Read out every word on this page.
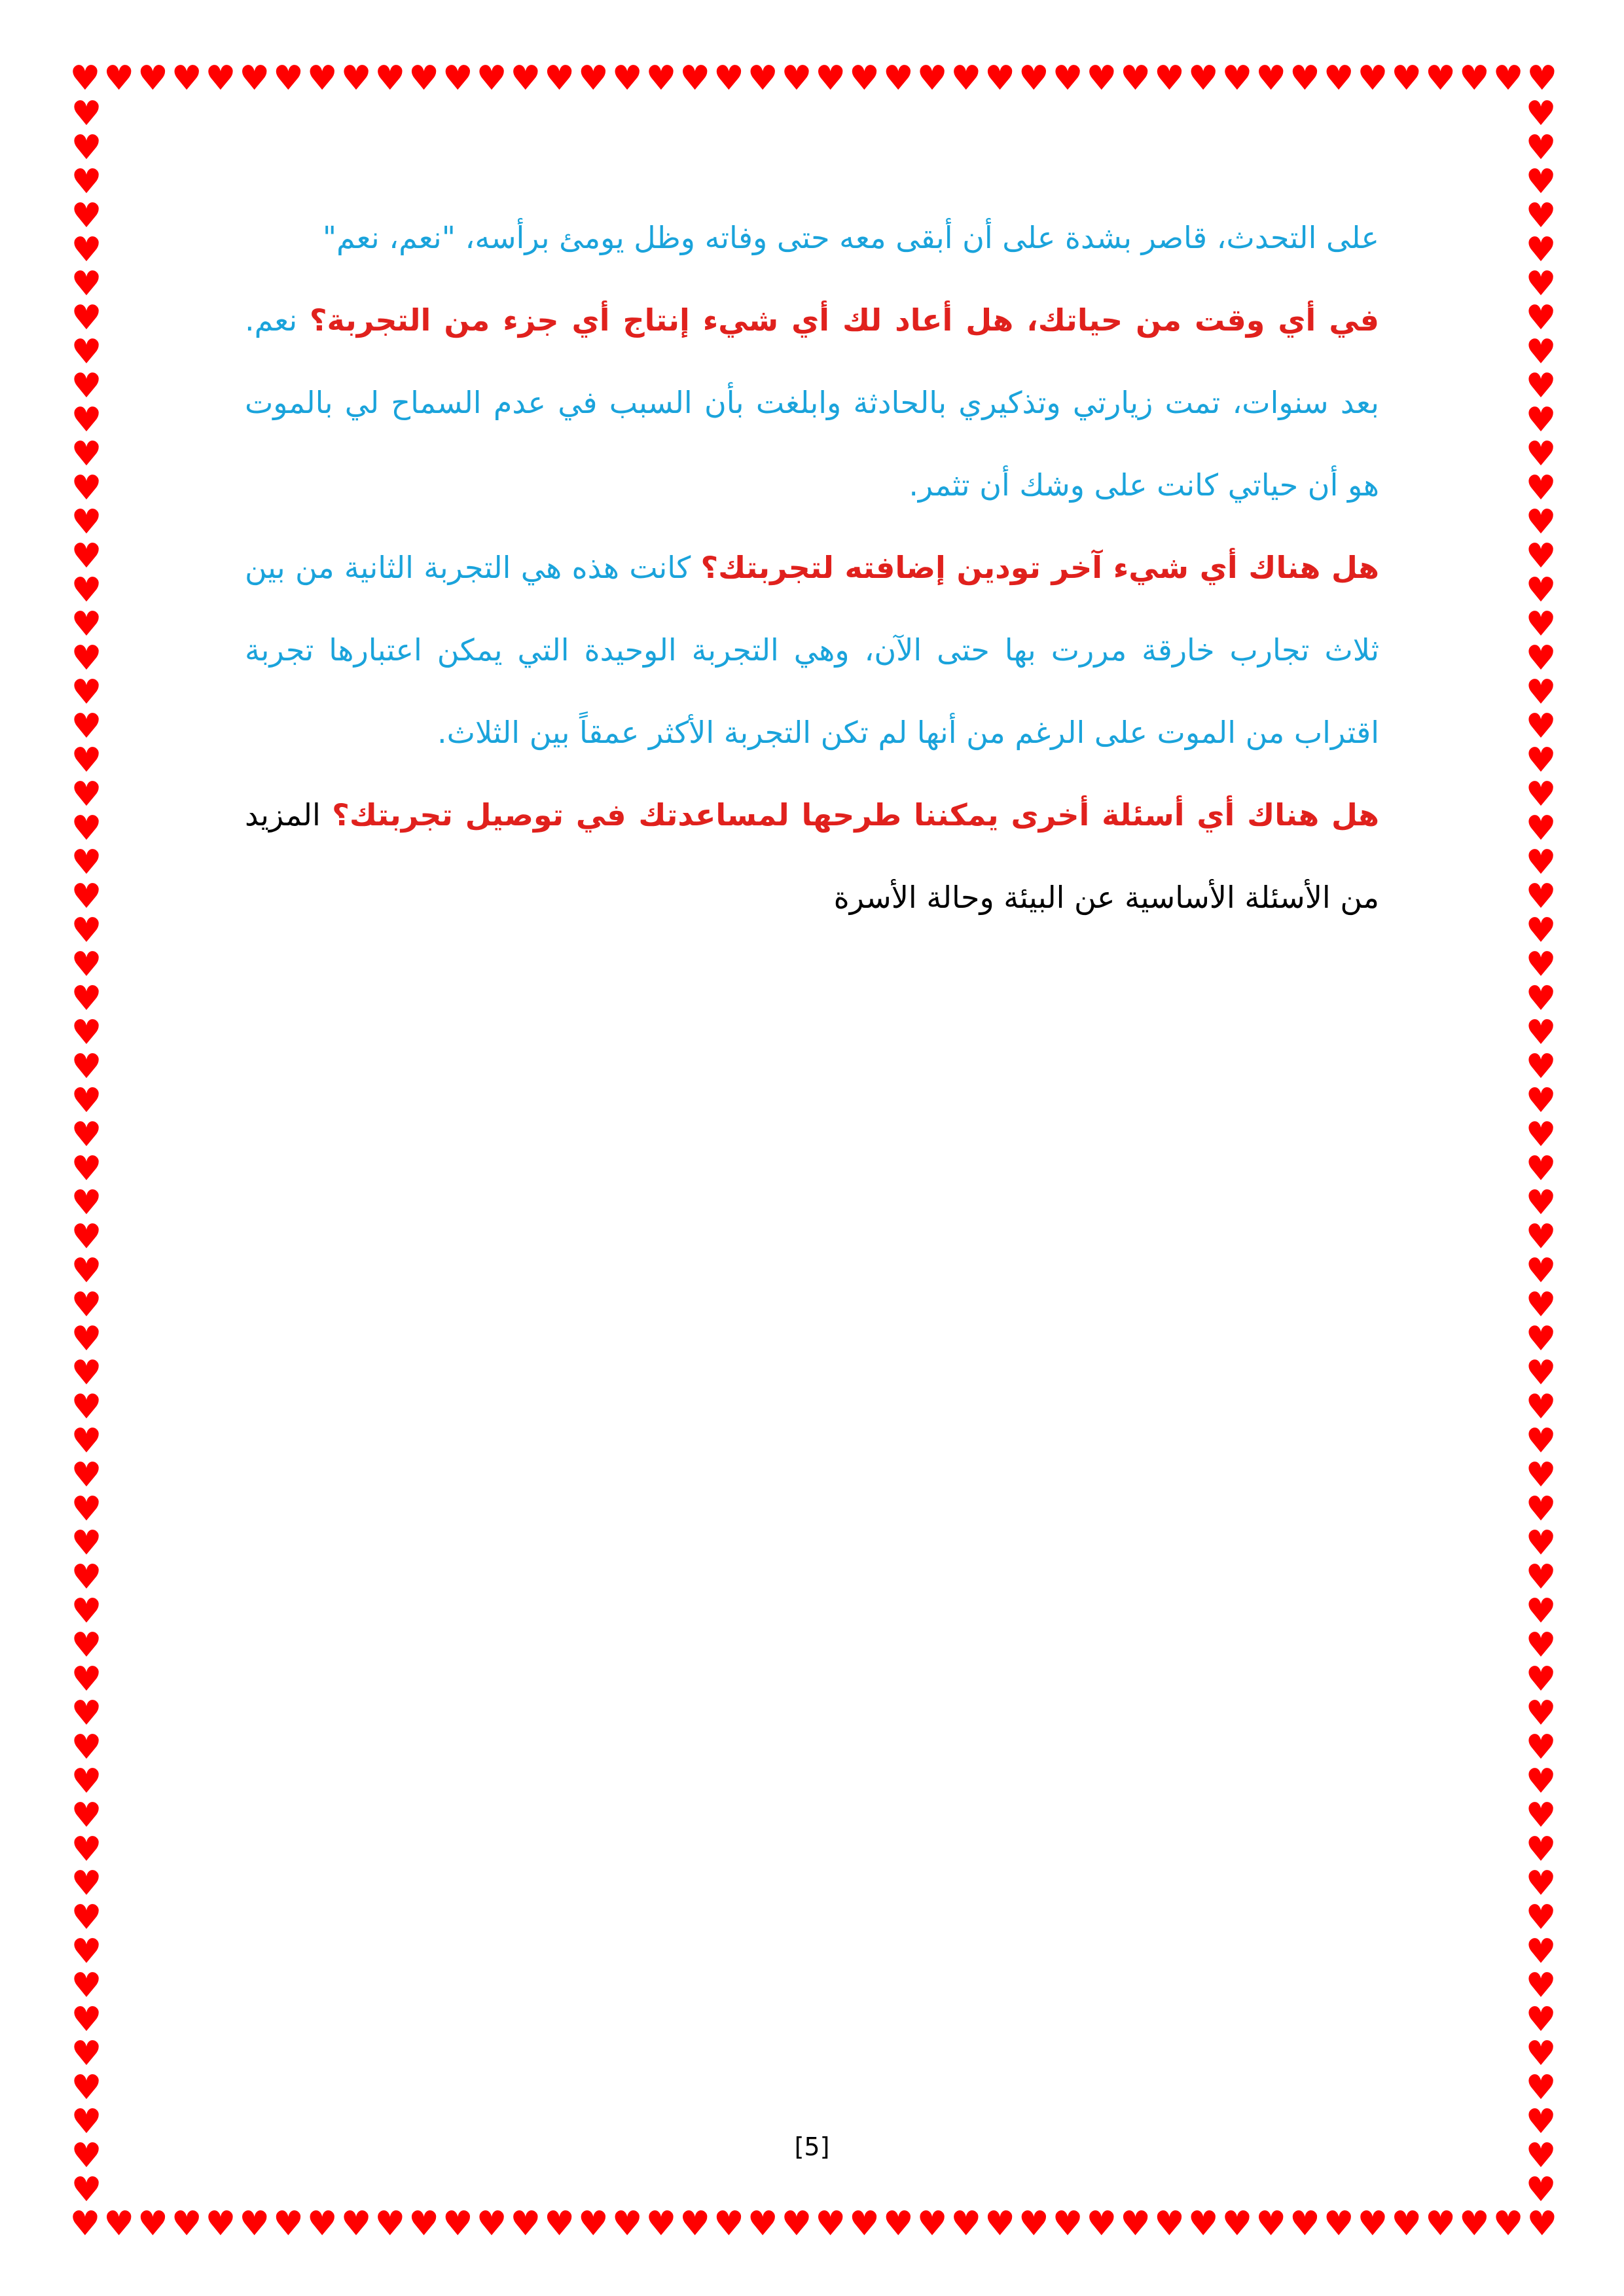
♥ ♥ ♥ ♥ ♥ ♥ ♥ ♥ ♥ ♥ ♥ ♥ ♥ ♥ ♥ ♥ ♥ ♥ ♥ ♥ ♥ ♥ ♥ ♥ ♥ ♥ ♥ ♥ ♥ ♥ ♥ ♥ ♥ ♥ ♥ ♥ ♥ ♥ ♥ ♥ ♥ ♥ ♥ ♥
♥ ♥ ♥ ♥ ♥ ♥ ♥ ♥ ♥ ♥ ♥ ♥ ♥ ♥ ♥ ♥ ♥ ♥ ♥ ♥ ♥ ♥ ♥ ♥ ♥ ♥ ♥ ♥ ♥ ♥ ♥ ♥ ♥ ♥ ♥ ♥ ♥ ♥ ♥ ♥ ♥ ♥ ♥ ♥
♥
♥
♥
♥
♥
♥
♥
♥
♥
♥
♥
♥
♥
♥
♥
♥
♥
♥
♥
♥
♥
♥
♥
♥
♥
♥
♥
♥
♥
♥
♥
♥
♥
♥
♥
♥
♥
♥
♥
♥
♥
♥
♥
♥
♥
♥
♥
♥
♥
♥
♥
♥
♥
♥
♥
♥
♥
♥
♥
♥
♥
♥
♥
♥
♥
♥
♥
♥
♥
♥
♥
♥
♥
♥
♥
♥
♥
♥
♥
♥
♥
♥
♥
♥
♥
♥
♥
♥
♥
♥
♥
♥
♥
♥
♥
♥
♥
♥
♥
♥
♥
♥
♥
♥
♥
♥
♥
♥
♥
♥
♥
♥
♥
♥
♥
♥
♥
♥
♥
♥
♥
♥
♥
♥

على التحدث، قاصر بشدة على أن أبقى معه حتى وفاته وظل يومئ برأسه، "نعم، نعم"

في أي وقت من حياتك، هل أعاد لك أي شيء إنتاج أي جزء من التجربة؟ نعم. بعد سنوات، تمت زيارتي وتذكيري بالحادثة وابلغت بأن السبب في عدم السماح لي بالموت هو أن حياتي كانت على وشك أن تثمر.

هل هناك أي شيء آخر تودين إضافته لتجربتك؟ كانت هذه هي التجربة الثانية من بين ثلاث تجارب خارقة مررت بها حتى الآن، وهي التجربة الوحيدة التي يمكن اعتبارها تجربة اقتراب من الموت على الرغم من أنها لم تكن التجربة الأكثر عمقاً بين الثلاث.

هل هناك أي أسئلة أخرى يمكننا طرحها لمساعدتك في توصيل تجربتك؟ المزيد من الأسئلة الأساسية عن البيئة وحالة الأسرة

[5]
